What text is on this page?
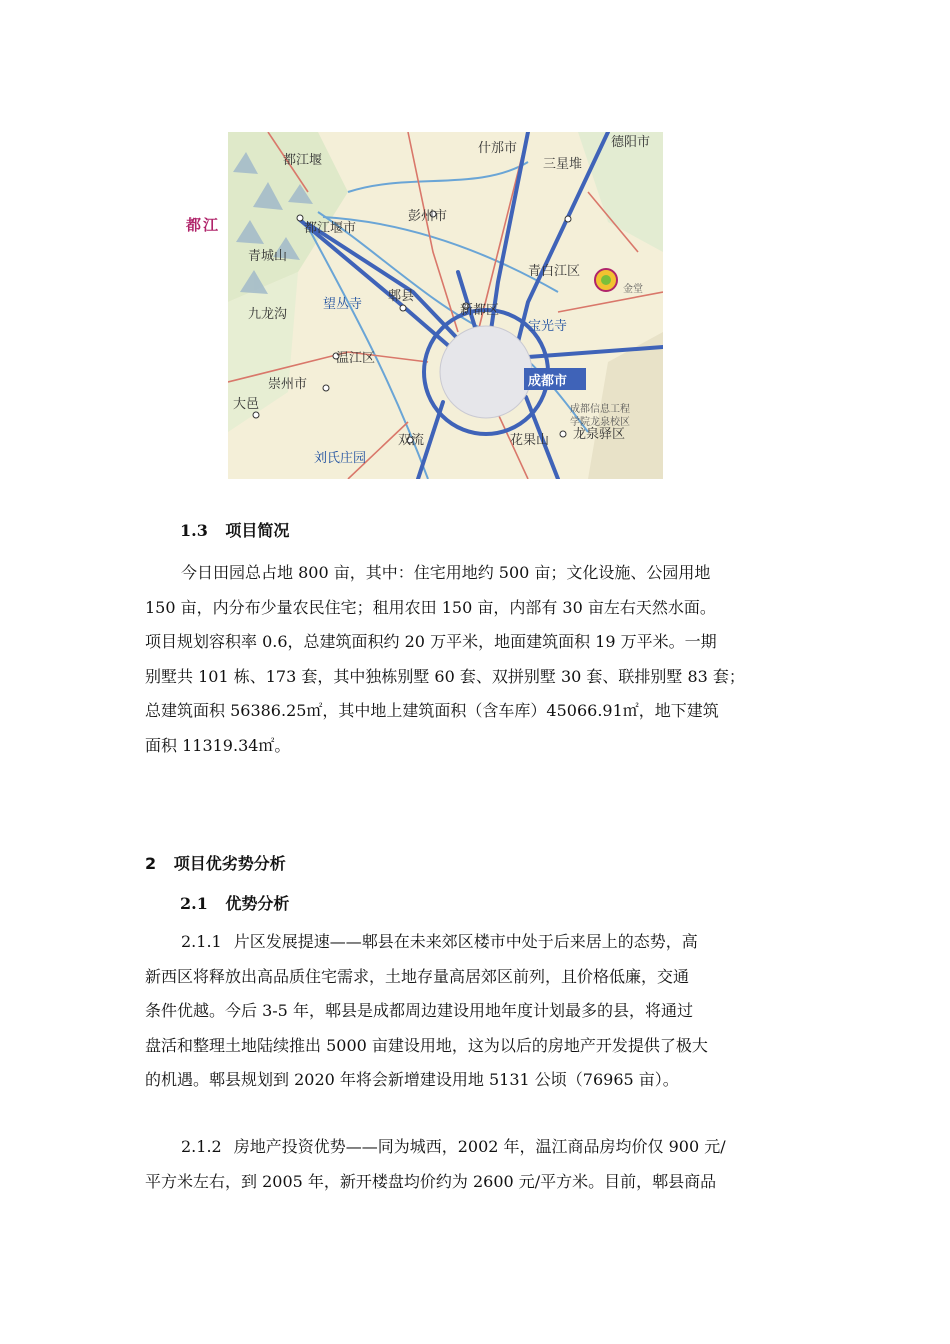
都江
成都市
都江堰
都江堰市
什邡市
三星堆
彭州市
青城山
郫县
新都区
青白江区
望丛寺
宝光寺
九龙沟
温江区
崇州市
大邑
双流	花果山 龙泉驿区
成都信息工程
学院龙泉校区
刘氏庄园
德阳市
金堂
1.3 项目简况

今日田园总占地 800 亩，其中：住宅用地约 500 亩；文化设施、公园用地

150 亩，内分布少量农民住宅；租用农田 150 亩，内部有 30 亩左右天然水面。

项目规划容积率 0.6，总建筑面积约 20 万平米，地面建筑面积 19 万平米。一期

别墅共 101 栋、173 套，其中独栋别墅 60 套、双拼别墅 30 套、联排别墅 83 套；

总建筑面积 56386.25㎡，其中地上建筑面积（含车库）45066.91㎡，地下建筑

面积 11319.34㎡。

2 项目优劣势分析
2.1 优势分析

2.1.1 片区发展提速——郫县在未来郊区楼市中处于后来居上的态势，高

新西区将释放出高品质住宅需求，土地存量高居郊区前列，且价格低廉，交通

条件优越。今后 3-5 年，郫县是成都周边建设用地年度计划最多的县，将通过

盘活和整理土地陆续推出 5000 亩建设用地，这为以后的房地产开发提供了极大

的机遇。郫县规划到 2020 年将会新增建设用地 5131 公顷（76965 亩）。

2.1.2 房地产投资优势——同为城西，2002 年，温江商品房均价仅 900 元/

平方米左右，到 2005 年，新开楼盘均价约为 2600 元/平方米。目前，郫县商品
